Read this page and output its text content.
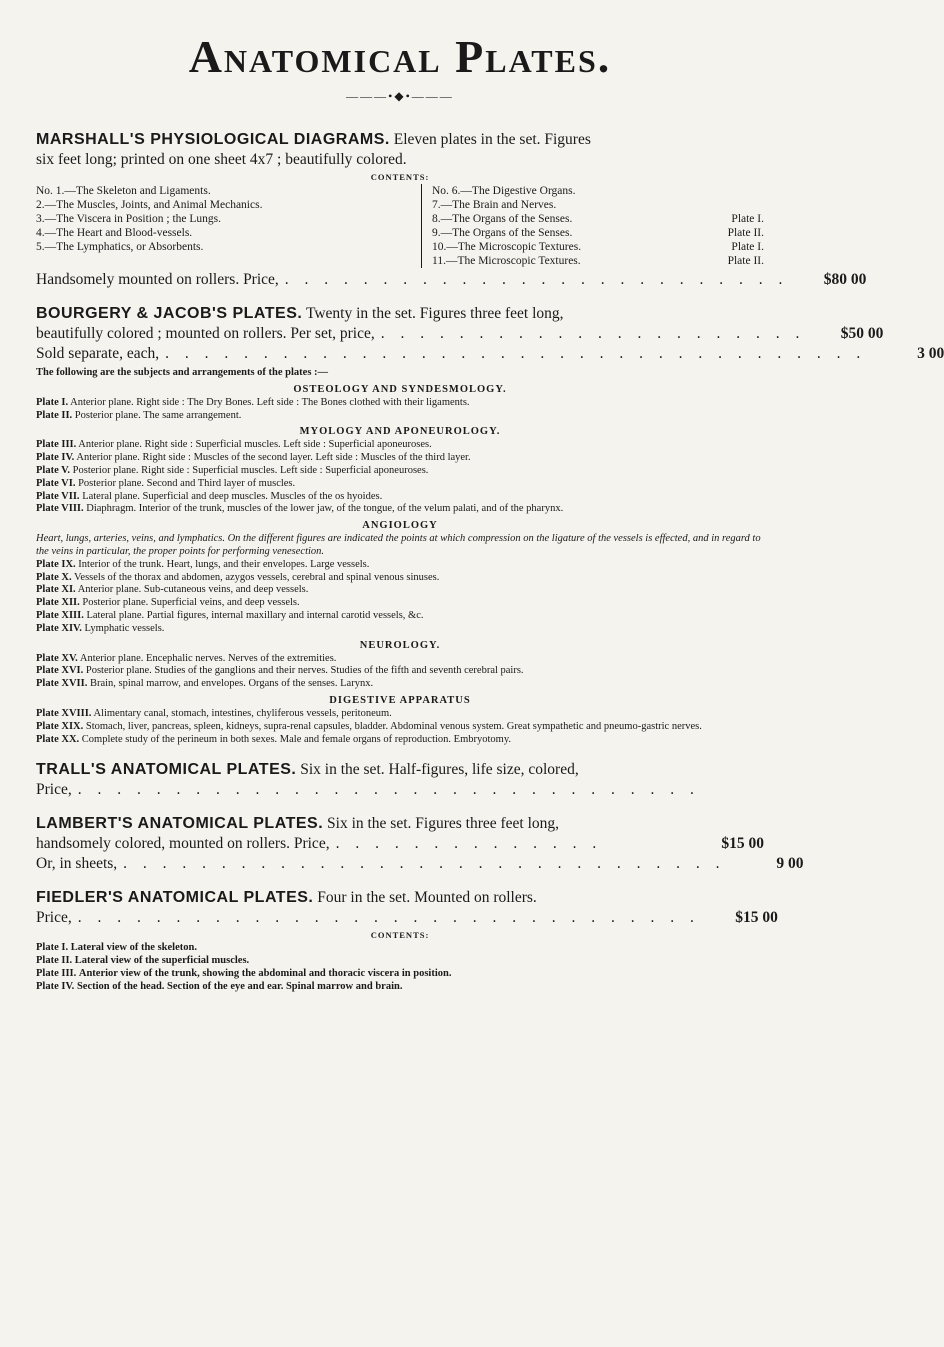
Anatomical Plates.
———•◆•———

MARSHALL'S PHYSIOLOGICAL DIAGRAMS. Eleven plates in the set. Figures

six feet long; printed on one sheet 4x7 ; beautifully colored.

CONTENTS:
No. 1.—The Skeleton and Ligaments.
2.—The Muscles, Joints, and Animal Mechanics.
3.—The Viscera in Position ; the Lungs.
4.—The Heart and Blood-vessels.
5.—The Lymphatics, or Absorbents.
No. 6.—The Digestive Organs.
7.—The Brain and Nerves.
8.—The Organs of the Senses.	Plate I.
9.—The Organs of the Senses.	Plate II.
10.—The Microscopic Textures.	Plate I.
11.—The Microscopic Textures.	Plate II.
Handsomely mounted on rollers. Price, . . . . . . . . . . . . . . . . . . . . . . . . . .	$80 00

BOURGERY & JACOB'S PLATES. Twenty in the set. Figures three feet long,

beautifully colored ; mounted on rollers. Per set, price, . . . . . . . . . . . . . . . . . . . . . .	$50 00
Sold separate, each, . . . . . . . . . . . . . . . . . . . . . . . . . . . . . . . . . . . .	3 00
The following are the subjects and arrangements of the plates :—
OSTEOLOGY AND SYNDESMOLOGY.

Plate I. Anterior plane. Right side : The Dry Bones. Left side : The Bones clothed with their ligaments.

Plate II. Posterior plane. The same arrangement.

MYOLOGY AND APONEUROLOGY.

Plate III. Anterior plane. Right side : Superficial muscles. Left side : Superficial aponeuroses.

Plate IV. Anterior plane. Right side : Muscles of the second layer. Left side : Muscles of the third layer.

Plate V. Posterior plane. Right side : Superficial muscles. Left side : Superficial aponeuroses.

Plate VI. Posterior plane. Second and Third layer of muscles.

Plate VII. Lateral plane. Superficial and deep muscles. Muscles of the os hyoides.

Plate VIII. Diaphragm. Interior of the trunk, muscles of the lower jaw, of the tongue, of the velum palati, and of the pharynx.

ANGIOLOGY

Heart, lungs, arteries, veins, and lymphatics. On the different figures are indicated the points at which compression on the ligature of the vessels is effected, and in regard to the veins in particular, the proper points for performing venesection.

Plate IX. Interior of the trunk. Heart, lungs, and their envelopes. Large vessels.

Plate X. Vessels of the thorax and abdomen, azygos vessels, cerebral and spinal venous sinuses.

Plate XI. Anterior plane. Sub-cutaneous veins, and deep vessels.

Plate XII. Posterior plane. Superficial veins, and deep vessels.

Plate XIII. Lateral plane. Partial figures, internal maxillary and internal carotid vessels, &c.

Plate XIV. Lymphatic vessels.

NEUROLOGY.

Plate XV. Anterior plane. Encephalic nerves. Nerves of the extremities.

Plate XVI. Posterior plane. Studies of the ganglions and their nerves. Studies of the fifth and seventh cerebral pairs.

Plate XVII. Brain, spinal marrow, and envelopes. Organs of the senses. Larynx.

DIGESTIVE APPARATUS

Plate XVIII. Alimentary canal, stomach, intestines, chyliferous vessels, peritoneum.

Plate XIX. Stomach, liver, pancreas, spleen, kidneys, supra-renal capsules, bladder. Abdominal venous system. Great sympathetic and pneumo-gastric nerves.

Plate XX. Complete study of the perineum in both sexes. Male and female organs of reproduction. Embryotomy.

TRALL'S ANATOMICAL PLATES. Six in the set. Half-figures, life size, colored,

Price, . . . . . . . . . . . . . . . . . . . . . . . . . . . . . . . .

LAMBERT'S ANATOMICAL PLATES. Six in the set. Figures three feet long,

handsomely colored, mounted on rollers. Price, . . . . . . . . . . . . . .	$15 00
Or, in sheets, . . . . . . . . . . . . . . . . . . . . . . . . . . . . . . .	9 00

FIEDLER'S ANATOMICAL PLATES. Four in the set. Mounted on rollers.

Price, . . . . . . . . . . . . . . . . . . . . . . . . . . . . . . . .	$15 00
CONTENTS:

Plate I. Lateral view of the skeleton.

Plate II. Lateral view of the superficial muscles.

Plate III. Anterior view of the trunk, showing the abdominal and thoracic viscera in position.

Plate IV. Section of the head. Section of the eye and ear. Spinal marrow and brain.
